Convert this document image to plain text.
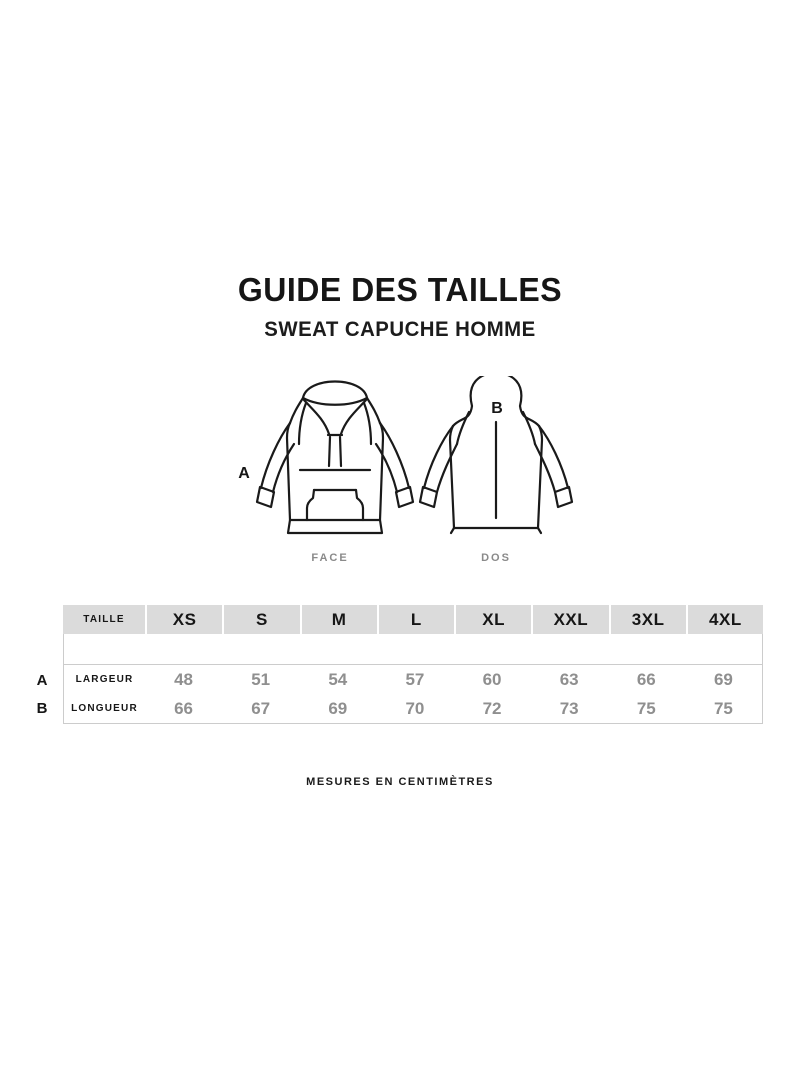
GUIDE DES TAILLES
SWEAT CAPUCHE HOMME
A
B
FACE	DOS
TAILLE	XS	S	M	L	XL	XXL	3XL	4XL
LARGEUR	48	51	54	57	60	63	66	69
LONGUEUR	66	67	69	70	72	73	75	75
A
B
MESURES EN CENTIMÈTRES
